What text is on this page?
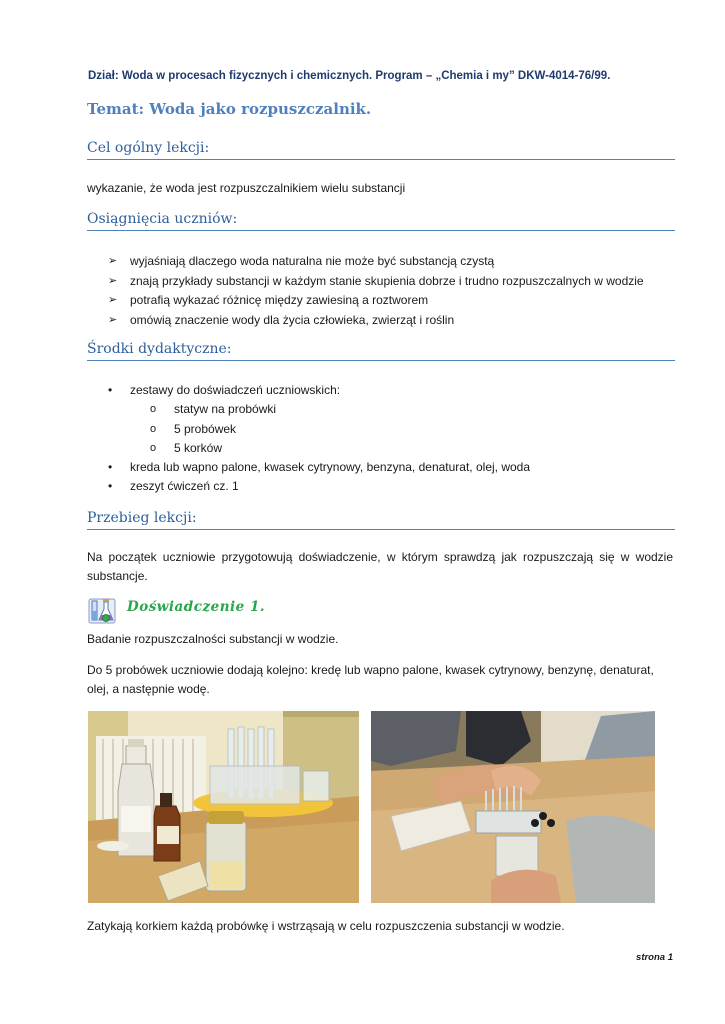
Dział: Woda w procesach fizycznych i chemicznych. Program – „Chemia i my” DKW-4014-76/99.
Temat: Woda jako rozpuszczalnik.
Cel ogólny lekcji:
wykazanie, że woda jest rozpuszczalnikiem wielu substancji
Osiągnięcia uczniów:
➢ wyjaśniają dlaczego woda naturalna nie może być substancją czystą
➢ znają przykłady substancji w każdym stanie skupienia dobrze i trudno rozpuszczalnych w wodzie
➢ potrafią wykazać różnicę między zawiesiną a roztworem
➢ omówią znaczenie wody dla życia człowieka, zwierząt i roślin
Środki dydaktyczne:
• zestawy do doświadczeń uczniowskich:
o statyw na probówki
o 5 probówek
o 5 korków
• kreda lub wapno palone, kwasek cytrynowy, benzyna, denaturat, olej, woda
• zeszyt ćwiczeń cz. 1
Przebieg lekcji:
Na początek uczniowie przygotowują doświadczenie, w którym sprawdzą jak rozpuszczają się w wodzie substancje.
Doświadczenie 1.
Badanie rozpuszczalności substancji w wodzie.
Do 5 probówek uczniowie dodają kolejno: kredę lub wapno palone, kwasek cytrynowy, benzynę, denaturat, olej, a następnie wodę.
Zatykają korkiem każdą probówkę i wstrząsają w celu rozpuszczenia substancji w wodzie.
strona 1
